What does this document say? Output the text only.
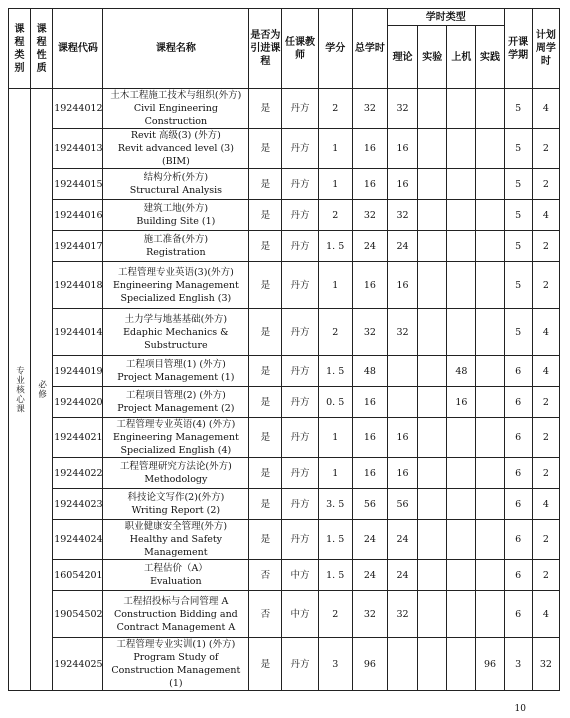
课程类别	课程性质	课程代码	课程名称	是否为引进课程	任课教师	学分	总学时	学时类型				开课学期	计划周学时
								理论	实验	上机	实践		

专业核心课	必修	19244012	土木工程施工技术与组织(外方)
Civil Engineering Construction	是	丹方	2	32	32				5	4
		19244013	Revit 高级(3) (外方)
Revit advanced level (3) (BIM)	是	丹方	1	16	16				5	2
		19244015	结构分析(外方)
Structural Analysis	是	丹方	1	16	16				5	2
		19244016	建筑工地(外方)
Building Site (1)	是	丹方	2	32	32				5	4
		19244017	施工准备(外方)
Registration	是	丹方	1. 5	24	24				5	2
		19244018	工程管理专业英语(3)(外方)
Engineering Management Specialized English (3)	是	丹方	1	16	16				5	2
		19244014	土力学与地基基础(外方)
Edaphic Mechanics & Substructure	是	丹方	2	32	32				5	4
		19244019	工程项目管理(1) (外方)
Project Management (1)	是	丹方	1. 5	48			48		6	4
		19244020	工程项目管理(2) (外方)
Project Management (2)	是	丹方	0. 5	16			16		6	2
		19244021	工程管理专业英语(4) (外方)
Engineering Management Specialized English (4)	是	丹方	1	16	16				6	2
		19244022	工程管理研究方法论(外方)
Methodology	是	丹方	1	16	16				6	2
		19244023	科技论文写作(2)(外方)
Writing Report (2)	是	丹方	3. 5	56	56				6	4
		19244024	职业健康安全管理(外方)
Healthy and Safety Management	是	丹方	1. 5	24	24				6	2
		16054201	工程估价（A）
Evaluation	否	中方	1. 5	24	24				6	2
		19054502	工程招投标与合同管理 A
Construction Bidding and Contract Management A	否	中方	2	32	32				6	4
		19244025	工程管理专业实训(1) (外方)
Program Study of Construction Management (1)	是	丹方	3	96				96	3	32
10
